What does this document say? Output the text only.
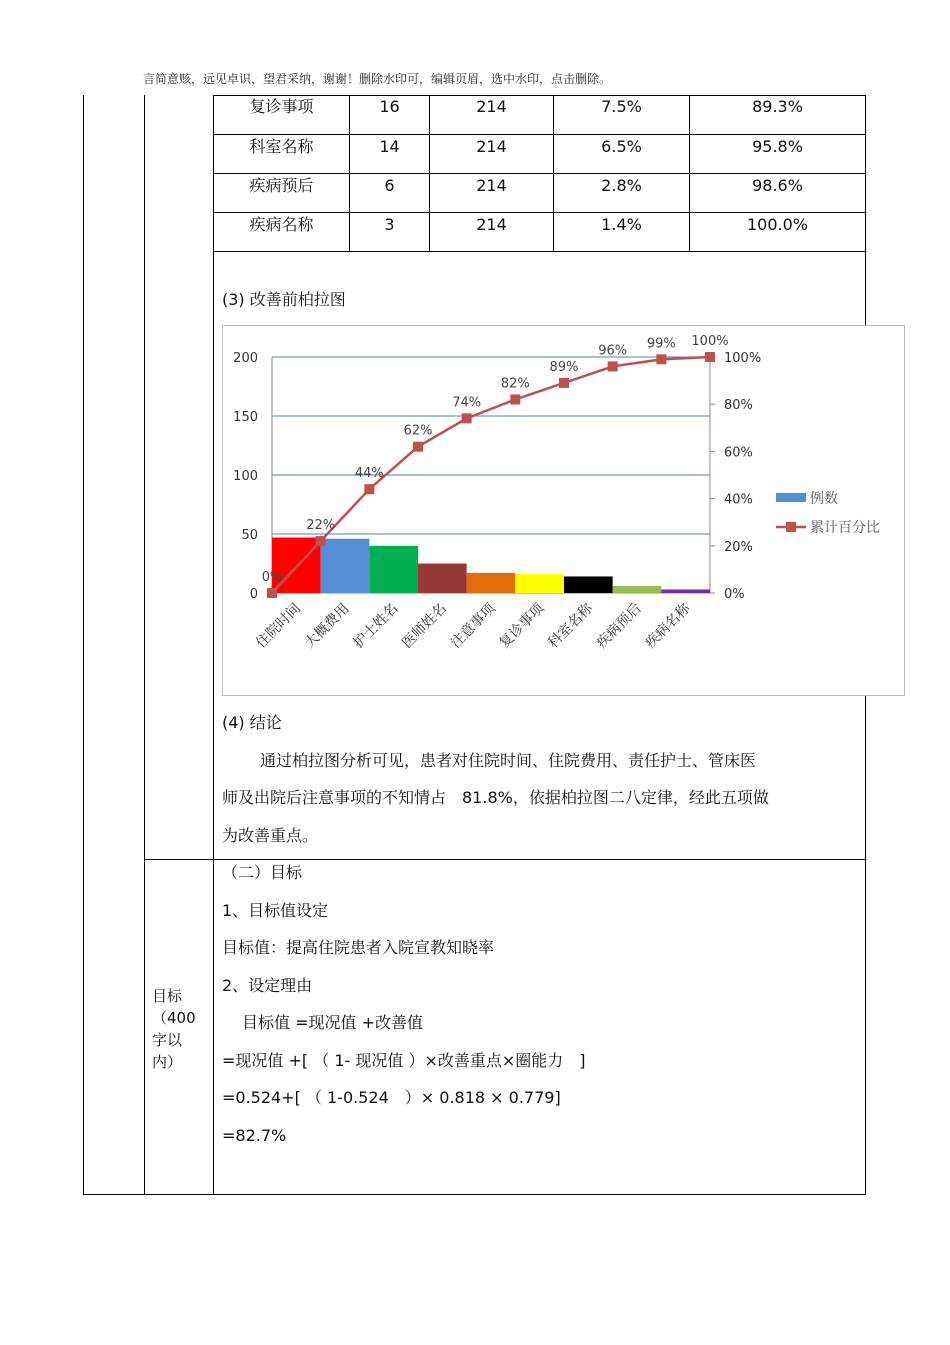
言简意赅，远见卓识，望君采纳，谢谢！删除水印可，编辑页眉，选中水印，点击删除。
复诊事项	16	214	7.5%	89.3%
科室名称	14	214	6.5%	95.8%
疾病预后	6	214	2.8%	98.6%
疾病名称	3	214	1.4%	100.0%
(3) 改善前柏拉图
0
50
100
150
200
0%
20%
40%
60%
80%
100%
住院时间
大概费用
护士姓名
医师姓名
注意事项
复诊事项
科室名称
疾病预后
疾病名称
0%
22%
44%
62%
74%
82%
89%
96% 99% 100%
例数
累计百分比
(4) 结论
通过柏拉图分析可见，患者对住院时间、住院费用、责任护士、管床医
师及出院后注意事项的不知情占　81.8%，依据柏拉图二八定律，经此五项做
为改善重点。
目标
（400
字以
内）
（二）目标
1、目标值设定
目标值：提高住院患者入院宣教知晓率
2、设定理由
目标值 =现况值 +改善值
=现况值 +[ （ 1- 现况值 ）×改善重点×圈能力　]
=0.524+[ （ 1-0.524　）× 0.818 × 0.779]
=82.7%
